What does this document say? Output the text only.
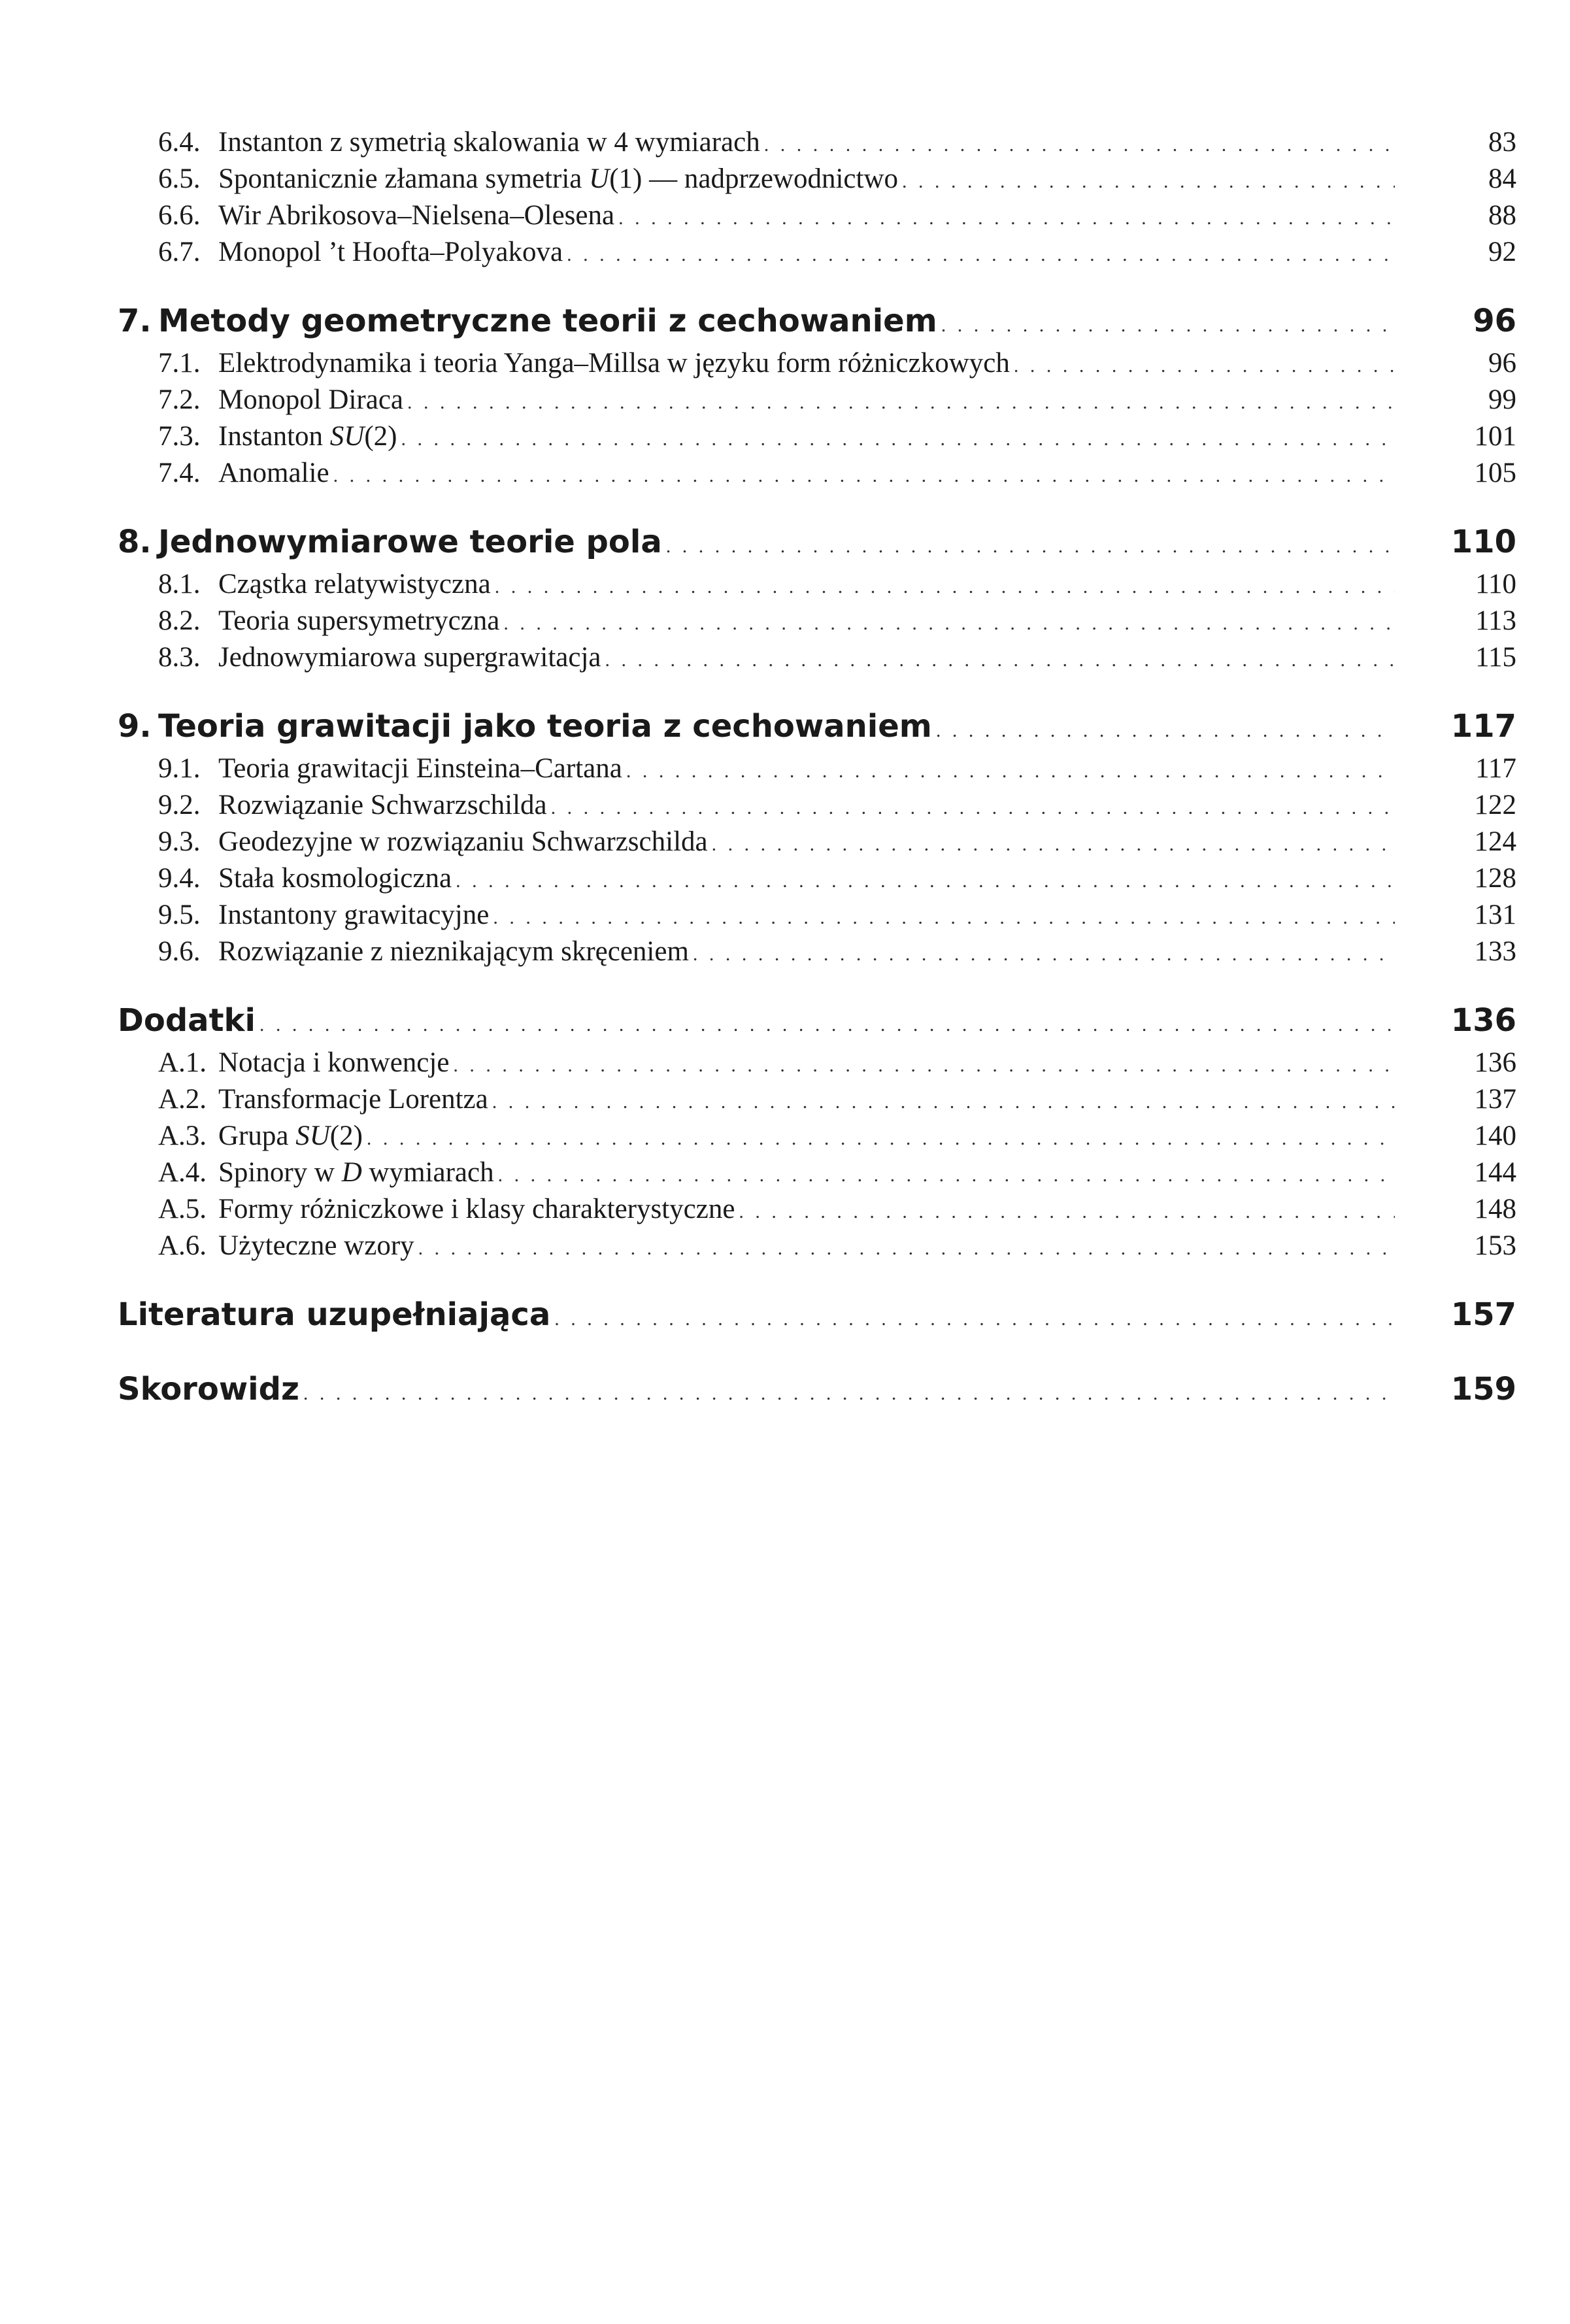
6.4. Instanton z symetrią skalowania w 4 wymiarach . . .	83
6.5. Spontanicznie złamana symetria U(1) — nadprzewodnictwo . . .	84
6.6. Wir Abrikosova–Nielsena–Olesena . . .	88
6.7. Monopol ’t Hoofta–Polyakova . . .	92
7. Metody geometryczne teorii z cechowaniem . . .	96
7.1. Elektrodynamika i teoria Yanga–Millsa w języku form różniczkowych . . .	96
7.2. Monopol Diraca . . .	99
7.3. Instanton SU(2) . . .	101
7.4. Anomalie . . .	105
8. Jednowymiarowe teorie pola . . .	110
8.1. Cząstka relatywistyczna . . .	110
8.2. Teoria supersymetryczna . . .	113
8.3. Jednowymiarowa supergrawitacja . . .	115
9. Teoria grawitacji jako teoria z cechowaniem . . .	117
9.1. Teoria grawitacji Einsteina–Cartana . . .	117
9.2. Rozwiązanie Schwarzschilda . . .	122
9.3. Geodezyjne w rozwiązaniu Schwarzschilda . . .	124
9.4. Stała kosmologiczna . . .	128
9.5. Instantony grawitacyjne . . .	131
9.6. Rozwiązanie z nieznikającym skręceniem . . .	133
Dodatki . . .	136
A.1. Notacja i konwencje . . .	136
A.2. Transformacje Lorentza . . .	137
A.3. Grupa SU(2) . . .	140
A.4. Spinory w D wymiarach . . .	144
A.5. Formy różniczkowe i klasy charakterystyczne . . .	148
A.6. Użyteczne wzory . . .	153
Literatura uzupełniająca . . .	157
Skorowidz . . .	159
